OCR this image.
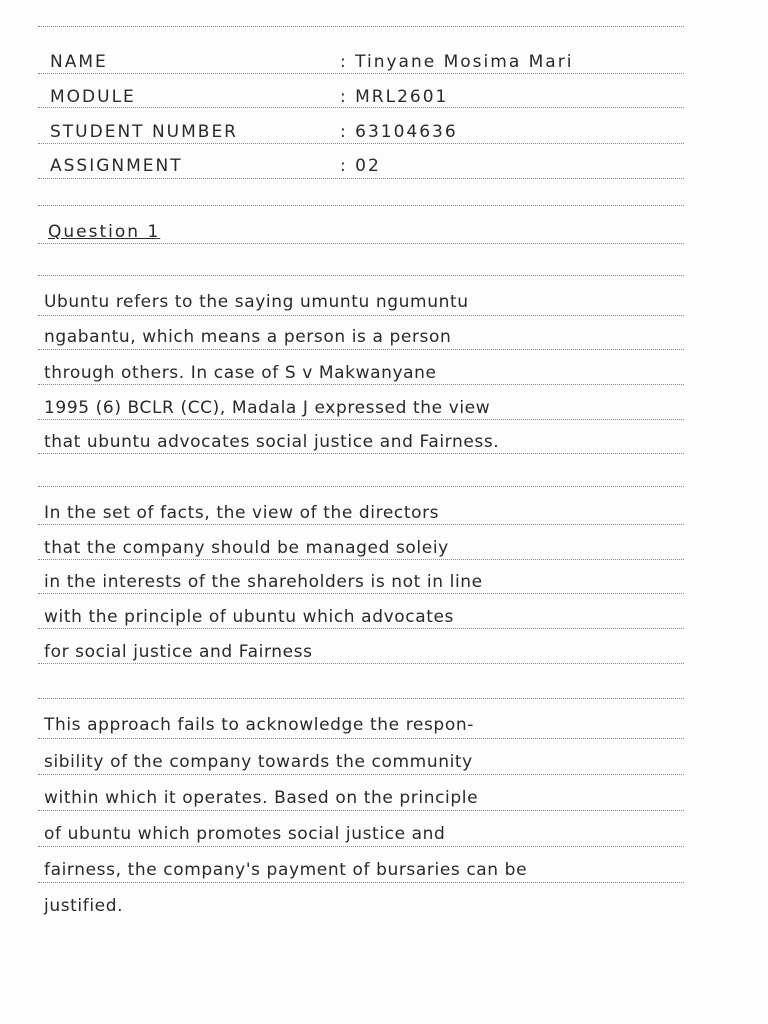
NAME	: Tinyane Mosima Mari
MODULE	: MRL2601
STUDENT NUMBER	: 63104636
ASSIGNMENT	: 02
Question 1
Ubuntu refers to the saying umuntu ngumuntu
ngabantu, which means a person is a person
through others. In case of S v Makwanyane
1995 (6) BCLR (CC), Madala J expressed the view
that ubuntu advocates social justice and Fairness.
In the set of facts, the view of the directors
that the company should be managed soleiy
in the interests of the shareholders is not in line
with the principle of ubuntu which advocates
for social justice and Fairness
This approach fails to acknowledge the respon-
sibility of the company towards the community
within which it operates. Based on the principle
of ubuntu which promotes social justice and
fairness, the company's payment of bursaries can be
justified.
